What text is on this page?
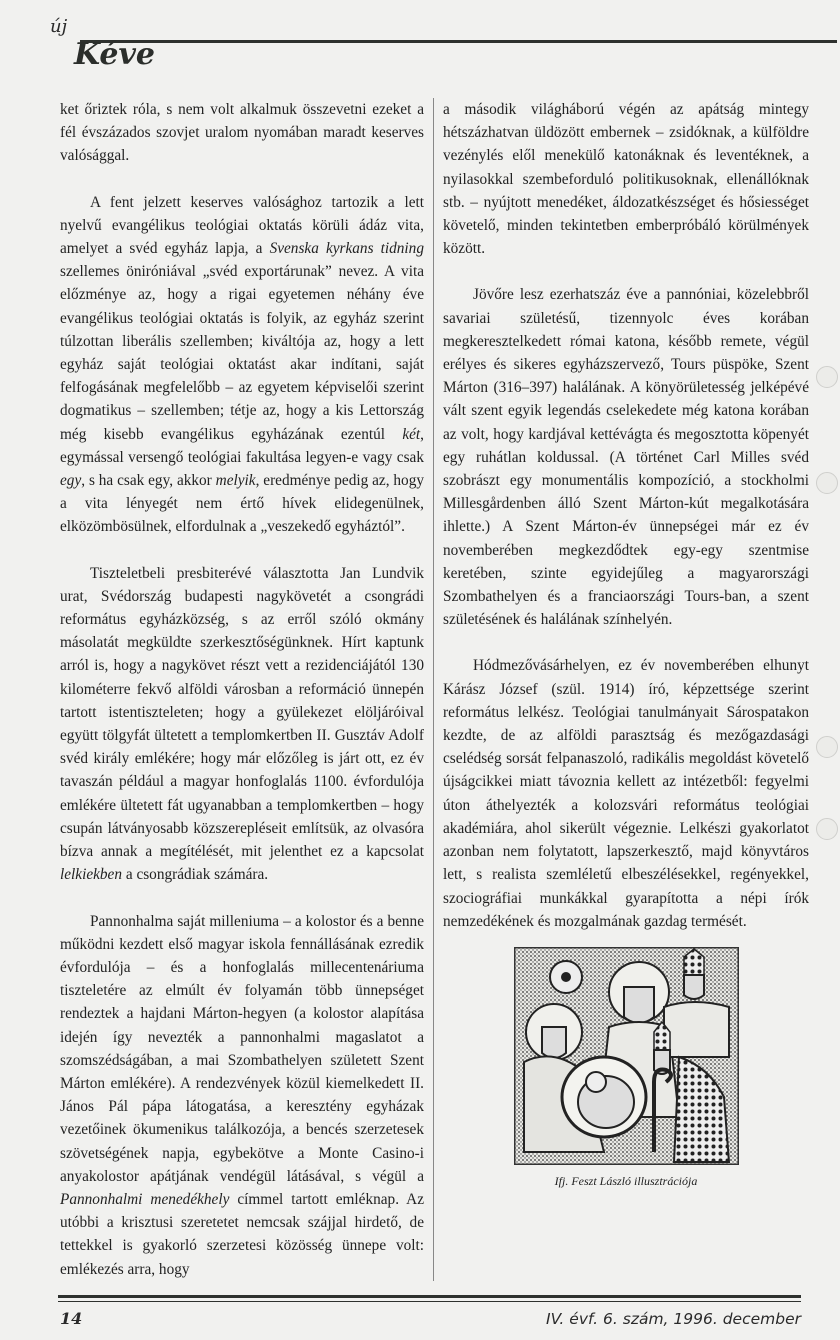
új
Kéve

ket őriztek róla, s nem volt alkalmuk összevetni ezeket a fél évszázados szovjet uralom nyomában maradt keserves valósággal.

A fent jelzett keserves valósághoz tartozik a lett nyelvű evangélikus teológiai oktatás körüli ádáz vita, amelyet a svéd egyház lapja, a Svenska kyrkans tidning szellemes öniróniával „svéd exportárunak” nevez. A vita előzménye az, hogy a rigai egyetemen néhány éve evangélikus teológiai oktatás is folyik, az egyház szerint túlzottan liberális szellemben; kiváltója az, hogy a lett egyház saját teológiai oktatást akar indítani, saját felfogásának megfelelőbb – az egyetem képviselői szerint dogmatikus – szellemben; tétje az, hogy a kis Lettország még kisebb evangélikus egyházának ezentúl két, egymással versengő teológiai fakultása legyen-e vagy csak egy, s ha csak egy, akkor melyik, eredménye pedig az, hogy a vita lényegét nem értő hívek elidegenülnek, elközömbösülnek, elfordulnak a „veszekedő egyháztól”.

Tiszteletbeli presbiterévé választotta Jan Lundvik urat, Svédország budapesti nagykövetét a csongrádi református egyházközség, s az erről szóló okmány másolatát megküldte szerkesztőségünknek. Hírt kaptunk arról is, hogy a nagykövet részt vett a rezidenciájától 130 kilométerre fekvő alföldi városban a reformáció ünnepén tartott istentiszteleten; hogy a gyülekezet elöljáróival együtt tölgyfát ültetett a templomkertben II. Gusztáv Adolf svéd király emlékére; hogy már előzőleg is járt ott, ez év tavaszán például a magyar honfoglalás 1100. évfordulója emlékére ültetett fát ugyanabban a templomkertben – hogy csupán látványosabb közszerepléseit említsük, az olvasóra bízva annak a megítélését, mit jelenthet ez a kapcsolat lelkiekben a csongrádiak számára.

Pannonhalma saját milleniuma – a kolostor és a benne működni kezdett első magyar iskola fennállásának ezredik évfordulója – és a honfoglalás millecentenáriuma tiszteletére az elmúlt év folyamán több ünnepséget rendeztek a hajdani Márton-hegyen (a kolostor alapítása idején így nevezték a pannonhalmi magaslatot a szomszédságában, a mai Szombathelyen született Szent Márton emlékére). A rendezvények közül kiemelkedett II. János Pál pápa látogatása, a keresztény egyházak vezetőinek ökumenikus találkozója, a bencés szerzetesek szövetségének napja, egybekötve a Monte Casino-i anyakolostor apátjának vendégül látásával, s végül a Pannonhalmi menedékhely címmel tartott emléknap. Az utóbbi a krisztusi szeretetet nemcsak szájjal hirdető, de tettekkel is gyakorló szerzetesi közösség ünnepe volt: emlékezés arra, hogy

a második világháború végén az apátság mintegy hétszázhatvan üldözött embernek – zsidóknak, a külföldre vezénylés elől menekülő katonáknak és leventéknek, a nyilasokkal szembeforduló politikusoknak, ellenállóknak stb. – nyújtott menedéket, áldozatkészséget és hősiességet követelő, minden tekintetben emberpróbáló körülmények között.

Jövőre lesz ezerhatszáz éve a pannóniai, közelebbről savariai születésű, tizennyolc éves korában megkeresztelkedett római katona, később remete, végül erélyes és sikeres egyházszervező, Tours püspöke, Szent Márton (316–397) halálának. A könyörületesség jelképévé vált szent egyik legendás cselekedete még katona korában az volt, hogy kardjával kettévágta és megosztotta köpenyét egy ruhátlan koldussal. (A történet Carl Milles svéd szobrászt egy monumentális kompozíció, a stockholmi Millesgårdenben álló Szent Márton-kút megalkotására ihlette.) A Szent Márton-év ünnepségei már ez év novemberében megkezdődtek egy-egy szentmise keretében, szinte egyidejűleg a magyarországi Szombathelyen és a franciaországi Tours-ban, a szent születésének és halálának színhelyén.

Hódmezővásárhelyen, ez év novemberében elhunyt Kárász József (szül. 1914) író, képzettsége szerint református lelkész. Teológiai tanulmányait Sárospatakon kezdte, de az alföldi parasztság és mezőgazdasági cselédség sorsát felpanaszoló, radikális megoldást követelő újságcikkei miatt távoznia kellett az intézetből: fegyelmi úton áthelyezték a kolozsvári református teológiai akadémiára, ahol sikerült végeznie. Lelkészi gyakorlatot azonban nem folytatott, lapszerkesztő, majd könyvtáros lett, s realista szemléletű elbeszélésekkel, regényekkel, szociográfiai munkákkal gyarapította a népi írók nemzedékének és mozgalmának gazdag termését.

Ifj. Feszt László illusztrációja
14	IV. évf. 6. szám, 1996. december
